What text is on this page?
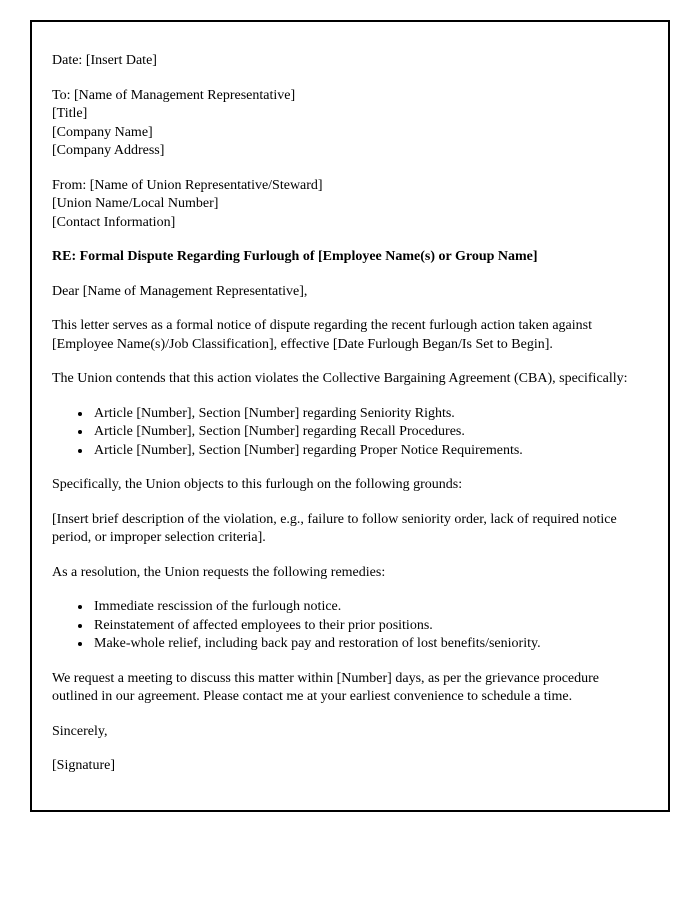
Date: [Insert Date]

To: [Name of Management Representative]
[Title]
[Company Name]
[Company Address]
From: [Name of Union Representative/Steward]
[Union Name/Local Number]
[Contact Information]

RE: Formal Dispute Regarding Furlough of [Employee Name(s) or Group Name]

Dear [Name of Management Representative],

This letter serves as a formal notice of dispute regarding the recent furlough action taken against [Employee Name(s)/Job Classification], effective [Date Furlough Began/Is Set to Begin].

The Union contends that this action violates the Collective Bargaining Agreement (CBA), specifically:

• Article [Number], Section [Number] regarding Seniority Rights.
• Article [Number], Section [Number] regarding Recall Procedures.
• Article [Number], Section [Number] regarding Proper Notice Requirements.

Specifically, the Union objects to this furlough on the following grounds:

[Insert brief description of the violation, e.g., failure to follow seniority order, lack of required notice period, or improper selection criteria].

As a resolution, the Union requests the following remedies:

• Immediate rescission of the furlough notice.
• Reinstatement of affected employees to their prior positions.
• Make-whole relief, including back pay and restoration of lost benefits/seniority.

We request a meeting to discuss this matter within [Number] days, as per the grievance procedure outlined in our agreement. Please contact me at your earliest convenience to schedule a time.

Sincerely,

[Signature]
